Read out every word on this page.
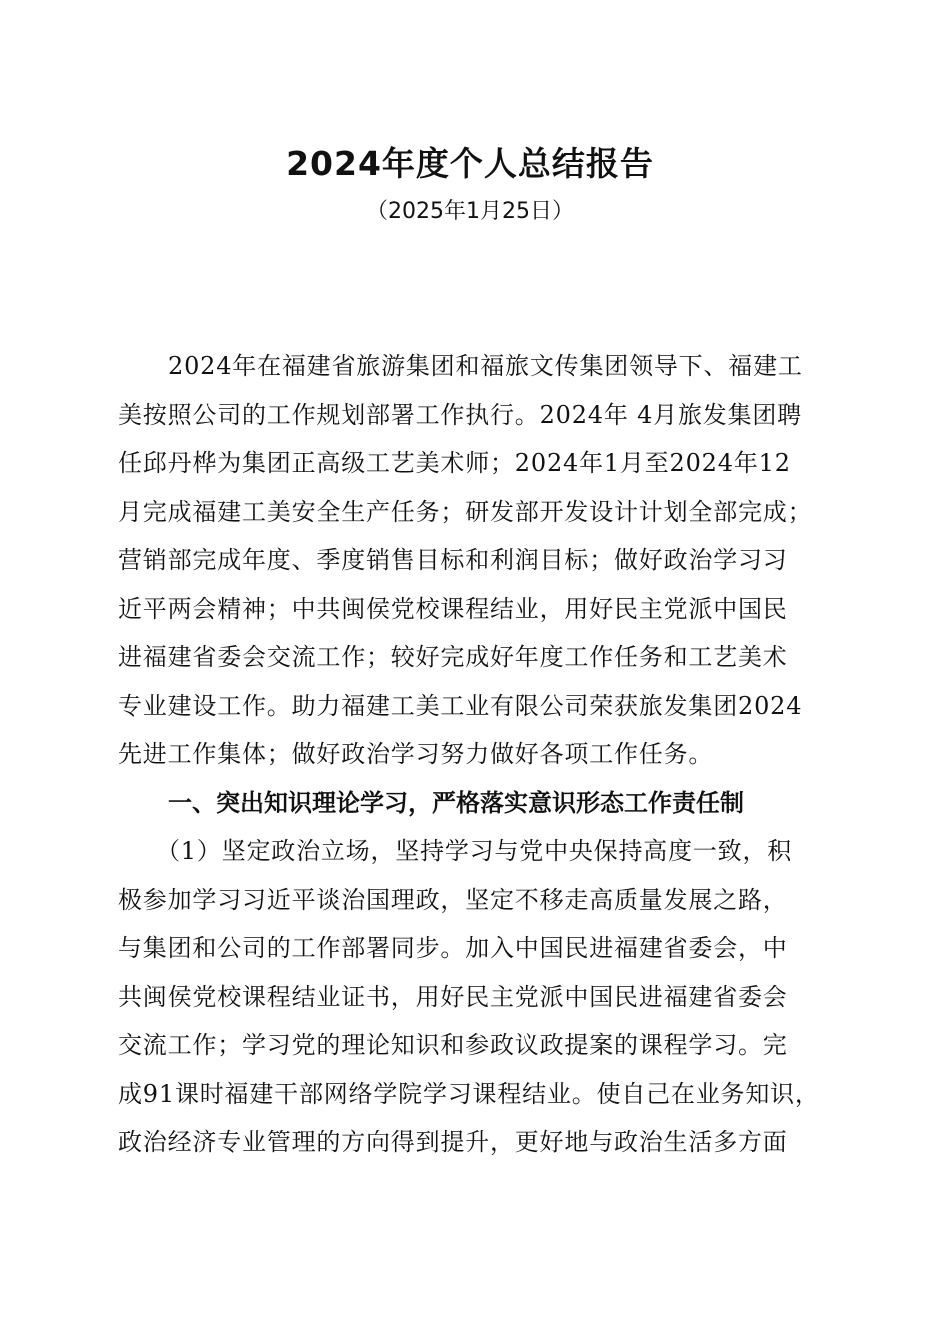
2024年度个人总结报告
（2025年1月25日）
2024年在福建省旅游集团和福旅文传集团领导下、福建工
美按照公司的工作规划部署工作执行。2024年 4月旅发集团聘
任邱丹桦为集团正高级工艺美术师；2024年1月至2024年12
月完成福建工美安全生产任务；研发部开发设计计划全部完成；
营销部完成年度、季度销售目标和利润目标；做好政治学习习
近平两会精神；中共闽侯党校课程结业，用好民主党派中国民
进福建省委会交流工作；较好完成好年度工作任务和工艺美术
专业建设工作。助力福建工美工业有限公司荣获旅发集团2024
先进工作集体；做好政治学习努力做好各项工作任务。
一、突出知识理论学习，严格落实意识形态工作责任制
（1）坚定政治立场，坚持学习与党中央保持高度一致，积
极参加学习习近平谈治国理政，坚定不移走高质量发展之路，
与集团和公司的工作部署同步。加入中国民进福建省委会，中
共闽侯党校课程结业证书，用好民主党派中国民进福建省委会
交流工作；学习党的理论知识和参政议政提案的课程学习。完
成91课时福建干部网络学院学习课程结业。使自己在业务知识，
政治经济专业管理的方向得到提升，更好地与政治生活多方面
